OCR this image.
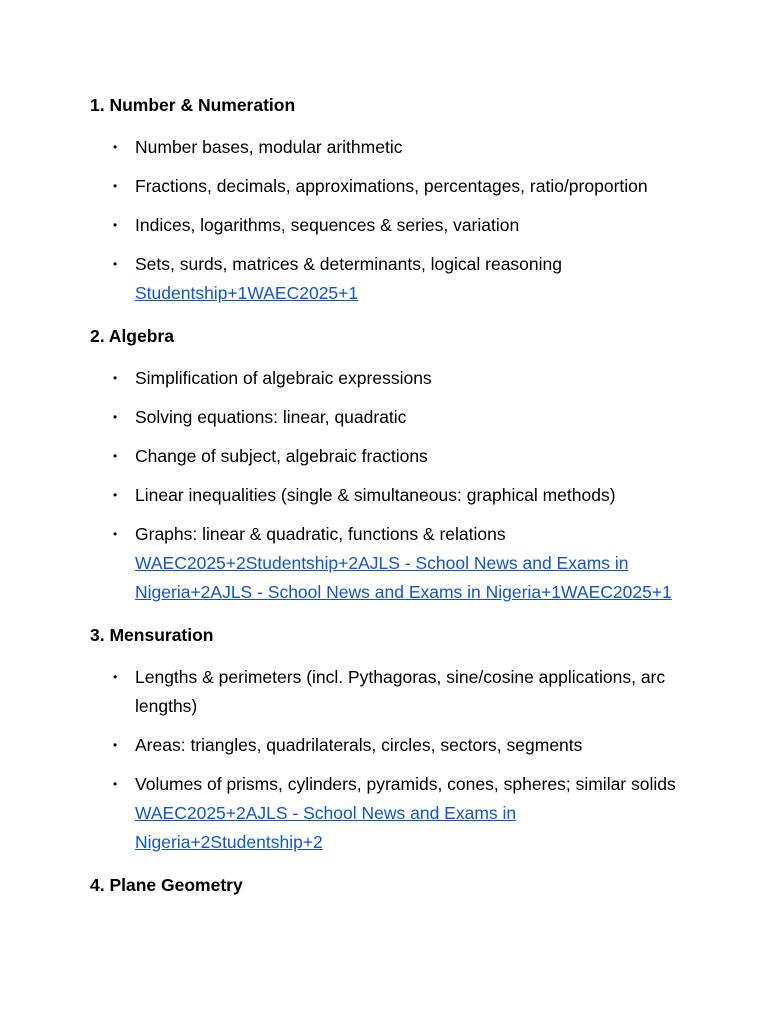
1. Number & Numeration
• Number bases, modular arithmetic
• Fractions, decimals, approximations, percentages, ratio/proportion
• Indices, logarithms, sequences & series, variation
• Sets, surds, matrices & determinants, logical reasoning
Studentship+1WAEC2025+1
2. Algebra
• Simplification of algebraic expressions
• Solving equations: linear, quadratic
• Change of subject, algebraic fractions
• Linear inequalities (single & simultaneous: graphical methods)
• Graphs: linear & quadratic, functions & relations
WAEC2025+2Studentship+2AJLS - School News and Exams in Nigeria+2AJLS - School News and Exams in Nigeria+1WAEC2025+1
3. Mensuration
• Lengths & perimeters (incl. Pythagoras, sine/cosine applications, arc lengths)
• Areas: triangles, quadrilaterals, circles, sectors, segments
• Volumes of prisms, cylinders, pyramids, cones, spheres; similar solids WAEC2025+2AJLS - School News and Exams in Nigeria+2Studentship+2
4. Plane Geometry
